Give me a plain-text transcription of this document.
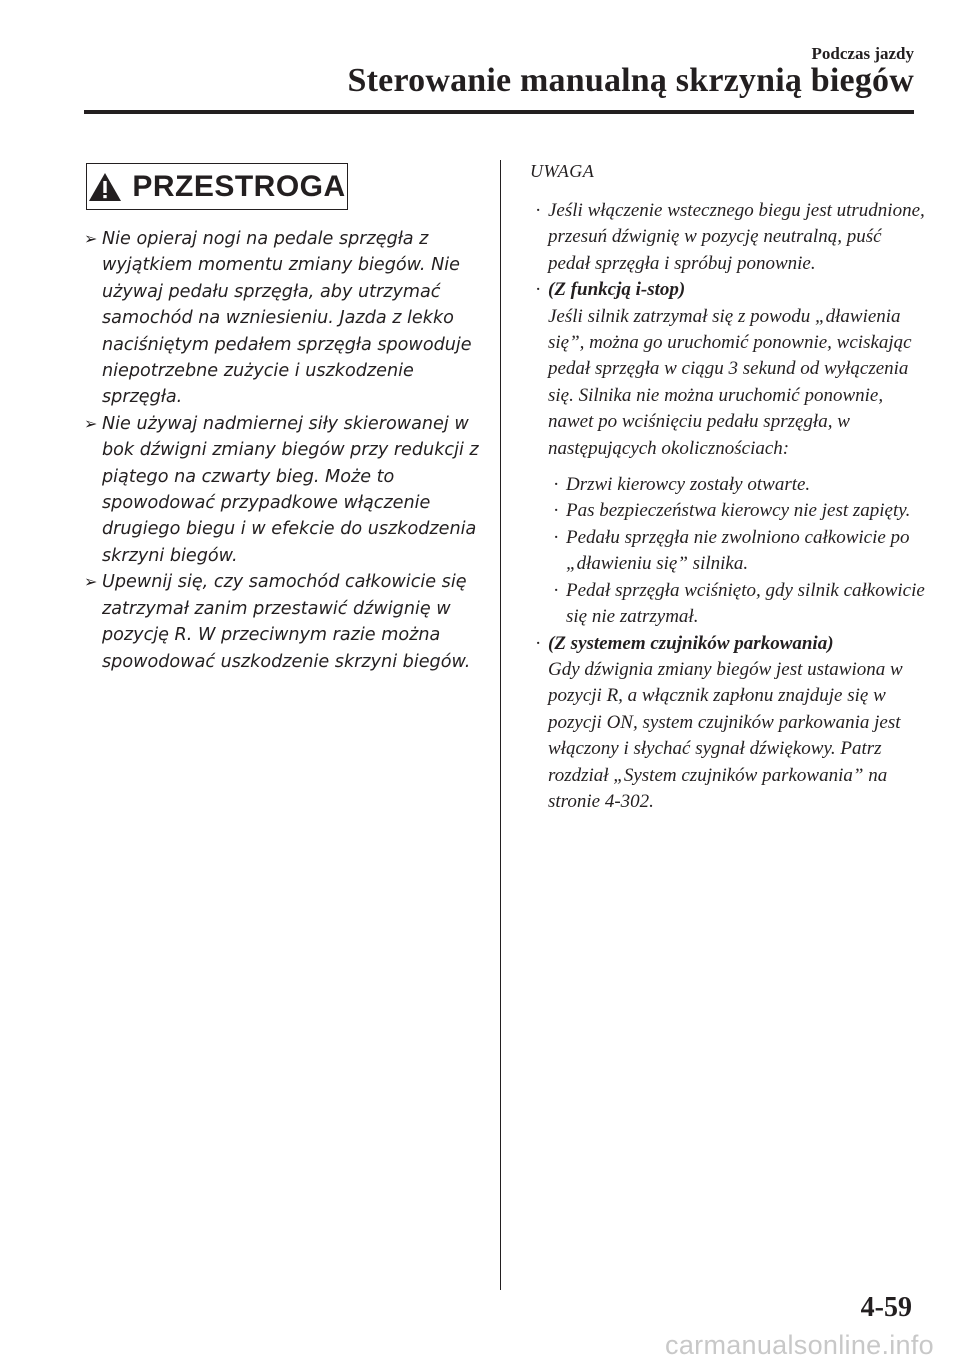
Podczas jazdy
Sterowanie manualną skrzynią biegów
PRZESTROGA
➢ Nie opieraj nogi na pedale sprzęgła z wyjątkiem momentu zmiany biegów. Nie używaj pedału sprzęgła, aby utrzymać samochód na wzniesieniu. Jazda z lekko naciśniętym pedałem sprzęgła spowoduje niepotrzebne zużycie i uszkodzenie sprzęgła.
➢ Nie używaj nadmiernej siły skierowanej w bok dźwigni zmiany biegów przy redukcji z piątego na czwarty bieg. Może to spowodować przypadkowe włączenie drugiego biegu i w efekcie do uszkodzenia skrzyni biegów.
➢ Upewnij się, czy samochód całkowicie się zatrzymał zanim przestawić dźwignię w pozycję R. W przeciwnym razie można spowodować uszkodzenie skrzyni biegów.
UWAGA
· Jeśli włączenie wstecznego biegu jest utrudnione, przesuń dźwignię w pozycję neutralną, puść pedał sprzęgła i spróbuj ponownie.
· (Z funkcją i-stop)
Jeśli silnik zatrzymał się z powodu „dławienia się”, można go uruchomić ponownie, wciskając pedał sprzęgła w ciągu 3 sekund od wyłączenia się. Silnika nie można uruchomić ponownie, nawet po wciśnięciu pedału sprzęgła, w następujących okolicznościach:
· Drzwi kierowcy zostały otwarte.
· Pas bezpieczeństwa kierowcy nie jest zapięty.
· Pedału sprzęgła nie zwolniono całkowicie po „dławieniu się” silnika.
· Pedał sprzęgła wciśnięto, gdy silnik całkowicie się nie zatrzymał.
· (Z systemem czujników parkowania)
Gdy dźwignia zmiany biegów jest ustawiona w pozycji R, a włącznik zapłonu znajduje się w pozycji ON, system czujników parkowania jest włączony i słychać sygnał dźwiękowy. Patrz rozdział „System czujników parkowania” na stronie 4-302.
4-59
carmanualsonline.info
